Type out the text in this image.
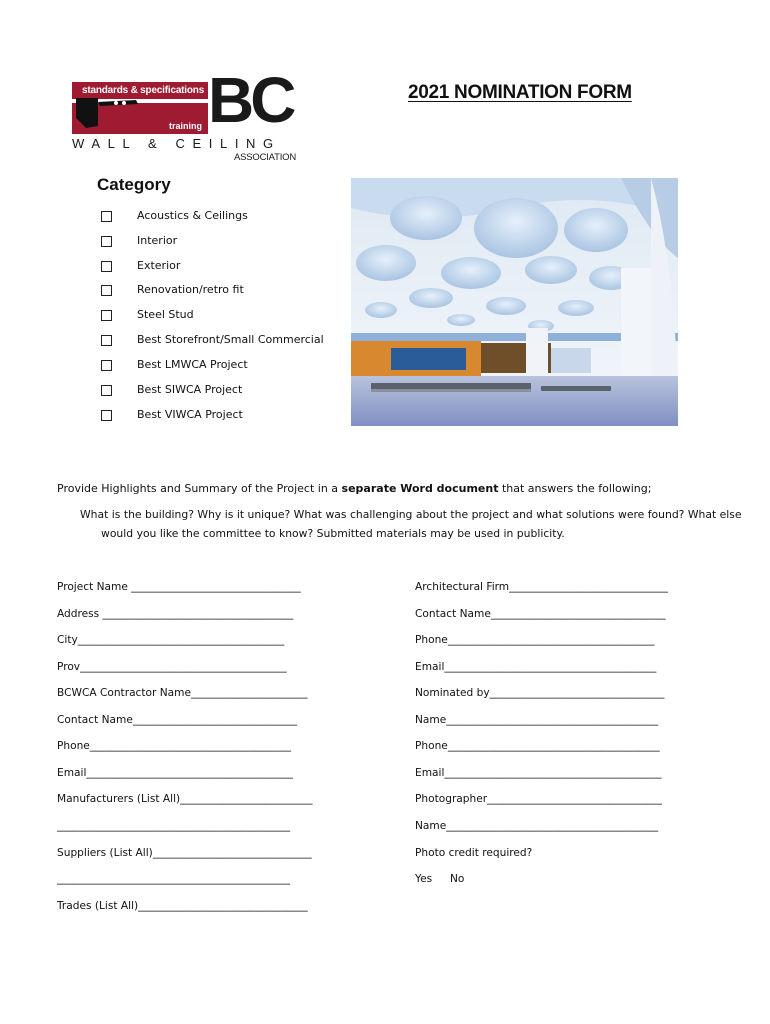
standards & specifications
training BC
WALL & CEILING
ASSOCIATION
2021 NOMINATION FORM
Category
Acoustics & Ceilings
Interior
Exterior
Renovation/retro fit
Steel Stud
Best Storefront/Small Commercial
Best LMWCA Project
Best SIWCA Project
Best VIWCA Project
Provide Highlights and Summary of the Project in a separate Word document that answers the following;
What is the building? Why is it unique? What was challenging about the project and what solutions were found? What else
would you like the committee to know? Submitted materials may be used in publicity.
Project Name ________________________________
Address ____________________________________
City_______________________________________
Prov_______________________________________
BCWCA Contractor Name______________________
Contact Name_______________________________
Phone______________________________________
Email_______________________________________
Manufacturers (List All)_________________________
____________________________________________
Suppliers (List All)______________________________
____________________________________________
Trades (List All)________________________________
Architectural Firm______________________________
Contact Name_________________________________
Phone_______________________________________
Email________________________________________
Nominated by_________________________________
Name________________________________________
Phone________________________________________
Email_________________________________________
Photographer_________________________________
Name________________________________________
Photo credit required?
Yes No
